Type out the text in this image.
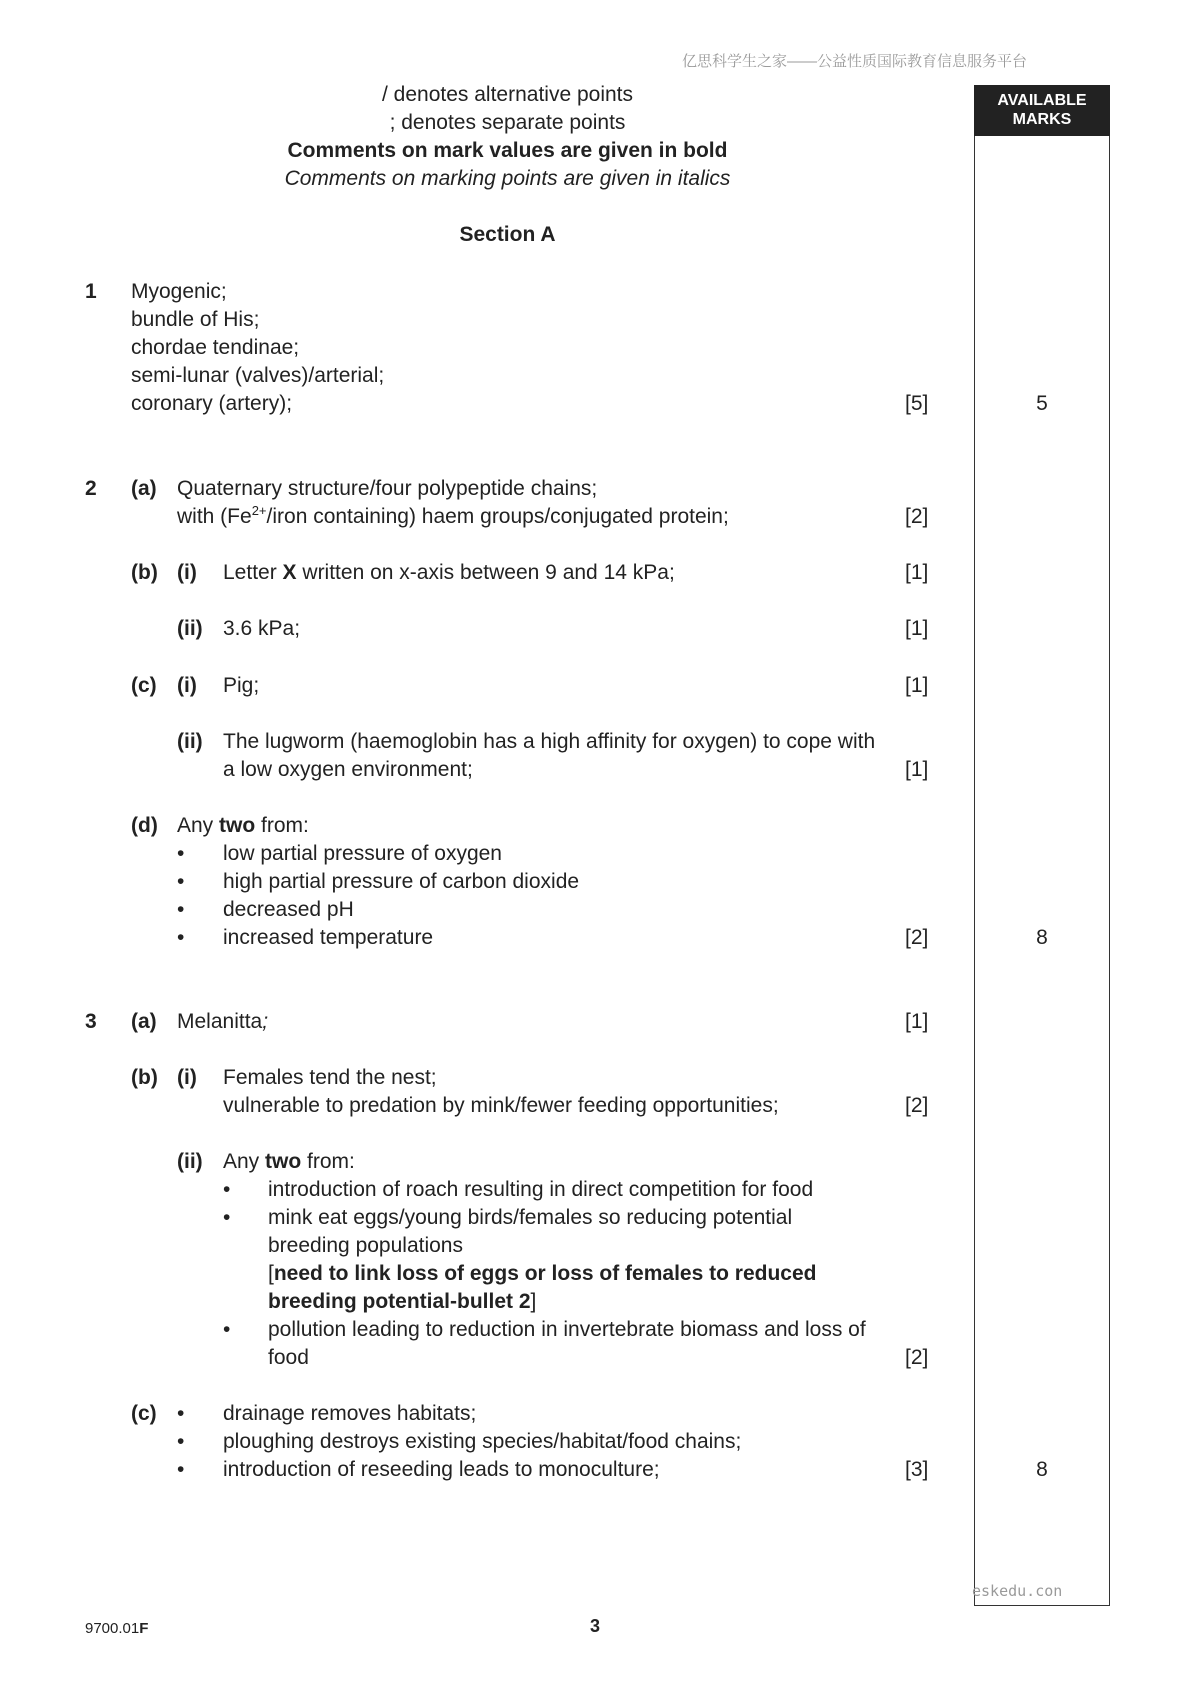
亿思科学生之家——公益性质国际教育信息服务平台
AVAILABLE
MARKS
/ denotes alternative points
; denotes separate points
Comments on mark values are given in bold
Comments on marking points are given in italics
Section A
1 Myogenic;
bundle of His;
chordae tendinae;
semi-lunar (valves)/arterial;
coronary (artery);	[5]	5
2 (a) Quaternary structure/four polypeptide chains;
with ($Fe^{2+}$/iron containing) haem groups/conjugated protein;	[2]
(b) (i) Letter X written on x-axis between 9 and 14 kPa;	[1]
(ii) 3.6 kPa;	[1]
(c) (i) Pig;	[1]
(ii) The lugworm (haemoglobin has a high affinity for oxygen) to cope with
a low oxygen environment;	[1]
(d) Any two from:
• low partial pressure of oxygen
• high partial pressure of carbon dioxide
• decreased pH
• increased temperature	[2]	8
3 (a) Melanitta;	[1]
(b) (i) Females tend the nest;
vulnerable to predation by mink/fewer feeding opportunities;	[2]
(ii) Any two from:
• introduction of roach resulting in direct competition for food
• mink eat eggs/young birds/females so reducing potential
breeding populations
[need to link loss of eggs or loss of females to reduced
breeding potential-bullet 2]
• pollution leading to reduction in invertebrate biomass and loss of
food	[2]
(c) • drainage removes habitats;
• ploughing destroys existing species/habitat/food chains;
• introduction of reseeding leads to monoculture;	[3]	8
eskedu.con
9700.01F	3
